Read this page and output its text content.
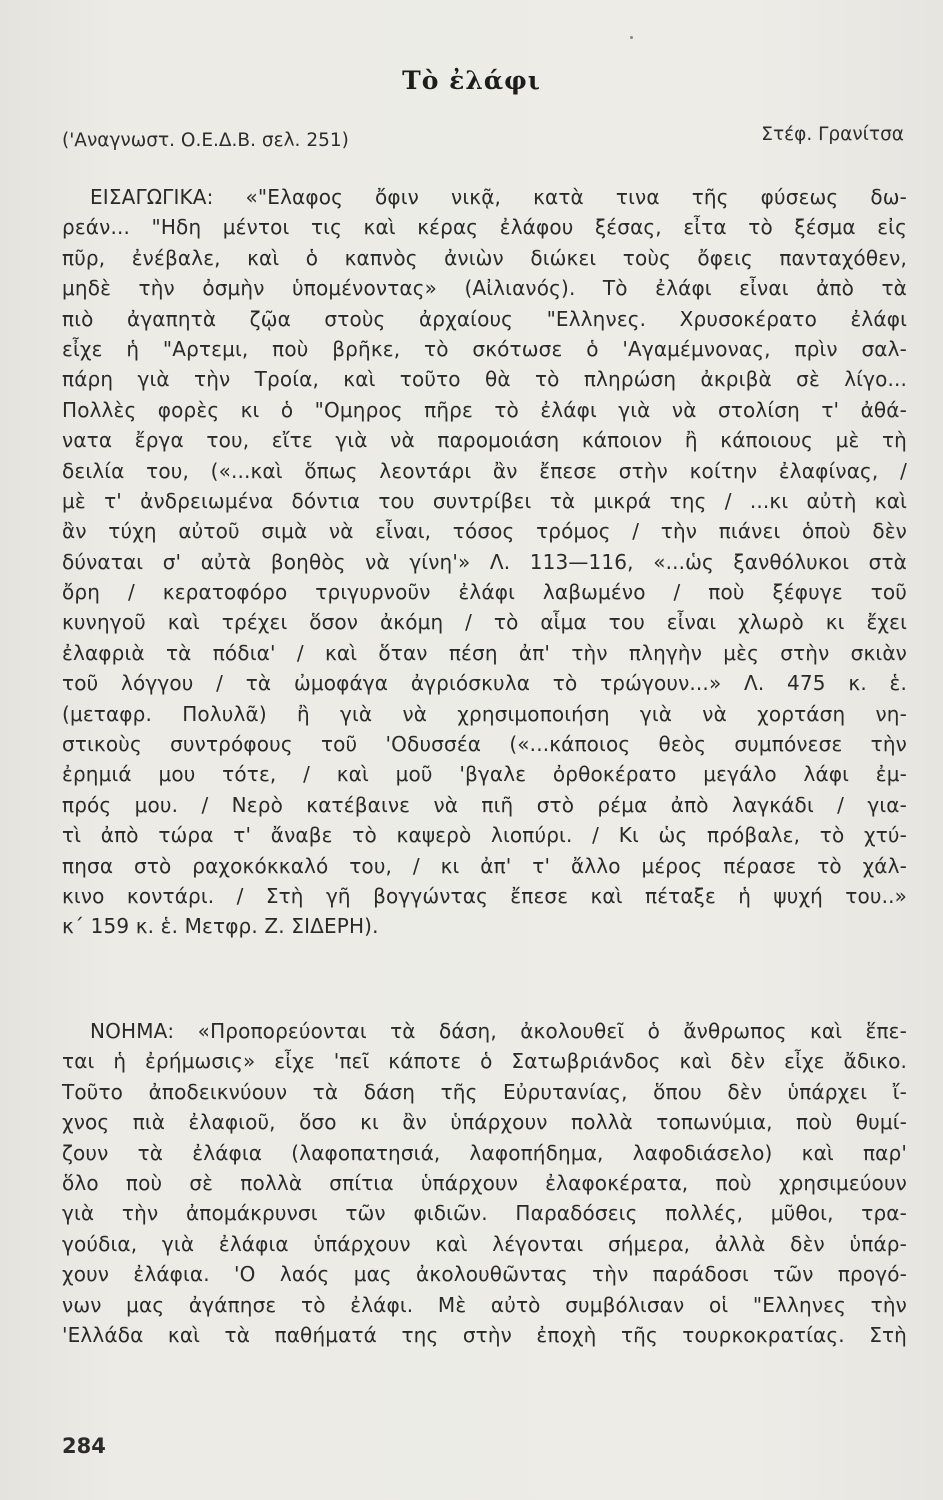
Τὸ ἐλάφι
('Αναγνωστ. Ο.Ε.Δ.Β. σελ. 251)	Στέφ. Γρανίτσα
ΕΙΣΑΓΩΓΙΚΑ: «"Ελαφος ὄφιν νικᾷ, κατὰ τινα τῆς φύσεως δω-
ρεάν... "Ηδη μέντοι τις καὶ κέρας ἐλάφου ξέσας, εἶτα τὸ ξέσμα εἰς
πῦρ, ἐνέβαλε, καὶ ὁ καπνὸς ἀνιὼν διώκει τοὺς ὄφεις πανταχόθεν,
μηδὲ τὴν ὀσμὴν ὑπομένοντας» (Αἰλιανός). Τὸ ἐλάφι εἶναι ἀπὸ τὰ
πιὸ ἀγαπητὰ ζῷα στοὺς ἀρχαίους "Ελληνες. Χρυσοκέρατο ἐλάφι
εἶχε ἡ "Αρτεμι, ποὺ βρῆκε, τὸ σκότωσε ὁ 'Αγαμέμνονας, πρὶν σαλ-
πάρη γιὰ τὴν Τροία, καὶ τοῦτο θὰ τὸ πληρώση ἀκριβὰ σὲ λίγο...
Πολλὲς φορὲς κι ὁ "Ομηρος πῆρε τὸ ἐλάφι γιὰ νὰ στολίση τ' ἀθά-
νατα ἔργα του, εἴτε γιὰ νὰ παρομοιάση κάποιον ἢ κάποιους μὲ τὴ
δειλία του, («...καὶ ὅπως λεοντάρι ἂν ἔπεσε στὴν κοίτην ἐλαφίνας, /
μὲ τ' ἀνδρειωμένα δόντια του συντρίβει τὰ μικρά της / ...κι αὐτὴ καὶ
ἂν τύχη αὐτοῦ σιμὰ νὰ εἶναι, τόσος τρόμος / τὴν πιάνει ὁποὺ δὲν
δύναται σ' αὐτὰ βοηθὸς νὰ γίνη'» Λ. 113—116, «...ὡς ξανθόλυκοι στὰ
ὄρη / κερατοφόρο τριγυρνοῦν ἐλάφι λαβωμένο / ποὺ ξέφυγε τοῦ
κυνηγοῦ καὶ τρέχει ὅσον ἀκόμη / τὸ αἷμα του εἶναι χλωρὸ κι ἔχει
ἐλαφριὰ τὰ πόδια' / καὶ ὅταν πέση ἀπ' τὴν πληγὴν μὲς στὴν σκιὰν
τοῦ λόγγου / τὰ ὠμοφάγα ἀγριόσκυλα τὸ τρώγουν...» Λ. 475 κ. ἑ.
(μεταφρ. Πολυλᾶ) ἢ γιὰ νὰ χρησιμοποιήση γιὰ νὰ χορτάση νη-
στικοὺς συντρόφους τοῦ 'Οδυσσέα («...κάποιος θεὸς συμπόνεσε τὴν
ἐρημιά μου τότε, / καὶ μοῦ 'βγαλε ὀρθοκέρατο μεγάλο λάφι ἐμ-
πρός μου. / Νερὸ κατέβαινε νὰ πιῆ στὸ ρέμα ἀπὸ λαγκάδι / για-
τὶ ἀπὸ τώρα τ' ἄναβε τὸ καψερὸ λιοπύρι. / Κι ὡς πρόβαλε, τὸ χτύ-
πησα στὸ ραχοκόκκαλό του, / κι ἀπ' τ' ἄλλο μέρος πέρασε τὸ χάλ-
κινο κοντάρι. / Στὴ γῆ βογγώντας ἔπεσε καὶ πέταξε ἡ ψυχή του..»
κ΄ 159 κ. ἑ. Μετφρ. Ζ. ΣΙΔΕΡΗ).
ΝΟΗΜΑ: «Προπορεύονται τὰ δάση, ἀκολουθεῖ ὁ ἄνθρωπος καὶ ἕπε-
ται ἡ ἐρήμωσις» εἶχε 'πεῖ κάποτε ὁ Σατωβριάνδος καὶ δὲν εἶχε ἄδικο.
Τοῦτο ἀποδεικνύουν τὰ δάση τῆς Εὐρυτανίας, ὅπου δὲν ὑπάρχει ἴ-
χνος πιὰ ἐλαφιοῦ, ὅσο κι ἂν ὑπάρχουν πολλὰ τοπωνύμια, ποὺ θυμί-
ζουν τὰ ἐλάφια (λαφοπατησιά, λαφοπήδημα, λαφοδιάσελο) καὶ παρ'
ὅλο ποὺ σὲ πολλὰ σπίτια ὑπάρχουν ἐλαφοκέρατα, ποὺ χρησιμεύουν
γιὰ τὴν ἀπομάκρυνσι τῶν φιδιῶν. Παραδόσεις πολλές, μῦθοι, τρα-
γούδια, γιὰ ἐλάφια ὑπάρχουν καὶ λέγονται σήμερα, ἀλλὰ δὲν ὑπάρ-
χουν ἐλάφια. 'Ο λαός μας ἀκολουθῶντας τὴν παράδοσι τῶν προγό-
νων μας ἀγάπησε τὸ ἐλάφι. Μὲ αὐτὸ συμβόλισαν οἱ "Ελληνες τὴν
'Ελλάδα καὶ τὰ παθήματά της στὴν ἐποχὴ τῆς τουρκοκρατίας. Στὴ
284
